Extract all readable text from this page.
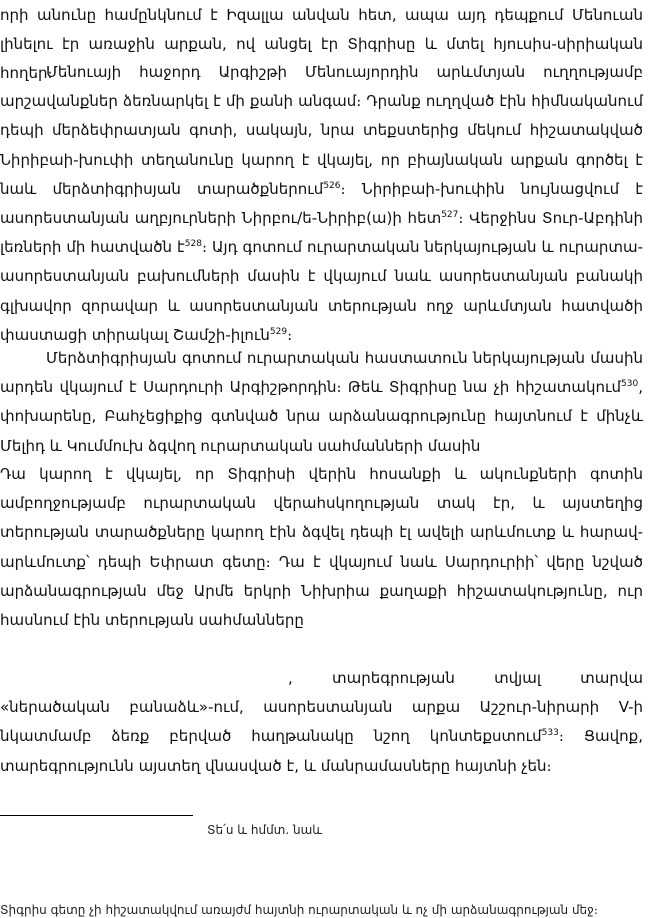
որի անունը համընկնում է Իզալլա անվան հետ, ապա այդ դեպքում Մենուան լինելու էր առաջին արքան, ով անցել էր Տիգրիսը և մտել հյուսիս-սիրիական հողեր։

Մենուայի հաջորդ Արգիշթի Մենուայորդին արևմտյան ուղղությամբ արշավանքներ ձեռնարկել է մի քանի անգամ։ Դրանք ուղղված էին հիմնականում դեպի մերձեփրատյան գոտի, սակայն, նրա տեքստերից մեկում հիշատակված Նիրիբաի-խուփի տեղանունը կարող է վկայել, որ բիայնական արքան գործել է նաև մերձտիգրիսյան տարածքներում$^{526}$։ Նիրիբաի-խուփին նույնացվում է ասորեստանյան աղբյուրների Նիրբու/ե-Նիրիբ(ա)ի հետ$^{527}$։ Վերջինս Տուր-Աբդինի լեռների մի հատվածն է$^{528}$։ Այդ գոտում ուրարտական ներկայության և ուրարտա-ասորեստանյան բախումների մասին է վկայում նաև ասորեստանյան բանակի գլխավոր զորավար և ասորեստանյան տերության ողջ արևմտյան հատվածի փաստացի տիրակալ Շամշի-իլուն$^{529}$։

Մերձտիգրիսյան գոտում ուրարտական հաստատուն ներկայության մասին արդեն վկայում է Սարդուրի Արգիշթորդին։ Թեև Տիգրիսը նա չի հիշատակում$^{530}$, փոխարենը, Բահչեցիքից գտնված նրա արձանագրությունը հայտնում է մինչև Մելիդ և Կումմուխ ձգվող ուրարտական սահմանների մասին

Դա կարող է վկայել, որ Տիգրիսի վերին հոսանքի և ակունքների գոտին ամբողջությամբ ուրարտական վերահսկողության տակ էր, և այստեղից տերության տարածքները կարող էին ձգվել դեպի էլ ավելի արևմուտք և հարավ-արևմուտք՝ դեպի Եփրատ գետը։ Դա է վկայում նաև Սարդուրիի՝ վերը նշված արձանագրության մեջ Արմե երկրի Նիխրիա քաղաքի հիշատակությունը, ուր հասնում էին տերության սահմանները

, տարեգրության տվյալ տարվա «ներածական բանաձև»-ում, ասորեստանյան արքա Աշշուր-նիրարի V-ի նկատմամբ ձեռք բերված հաղթանակը նշող կոնտեքստում$^{533}$։ Ցավոք, տարեգրությունն այստեղ վնասված է, և մանրամասները հայտնի չեն։

Տե՛ս և հմմտ. նաև

Տիգրիս գետը չի հիշատակվում առայժմ հայտնի ուրարտական և ոչ մի արձանագրության մեջ։
